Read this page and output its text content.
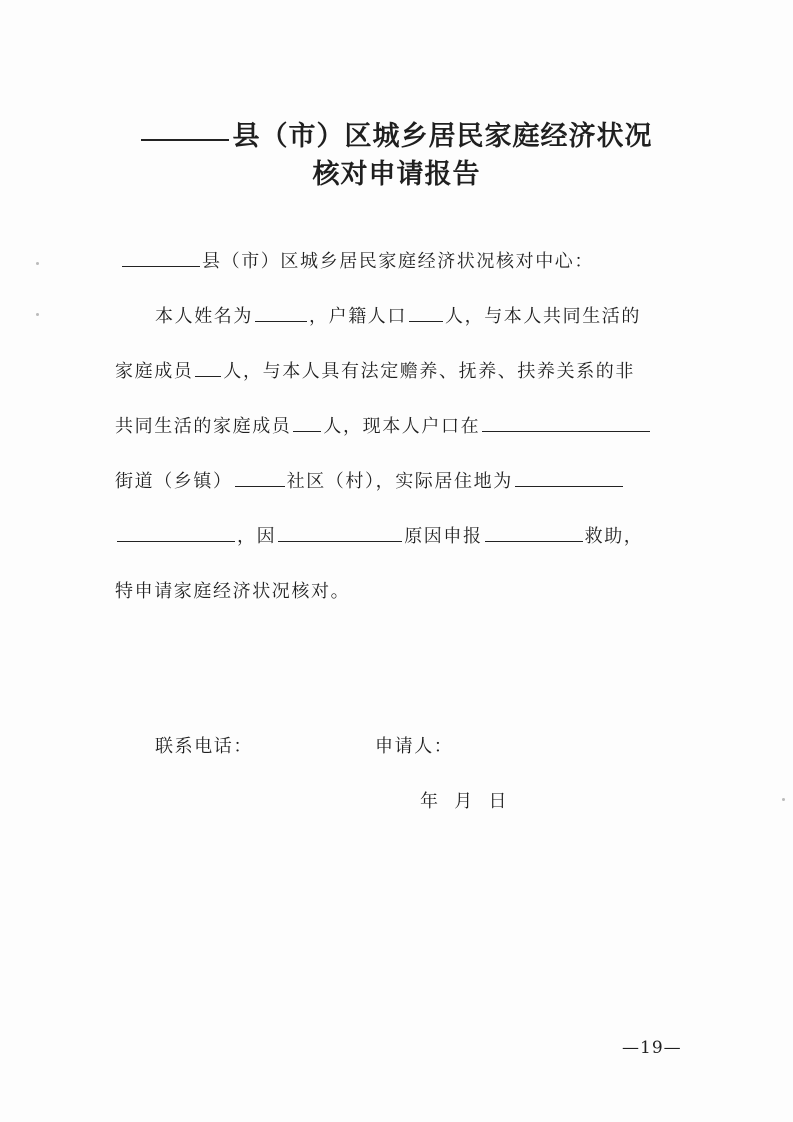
县（市）区城乡居民家庭经济状况
核对申请报告
县（市）区城乡居民家庭经济状况核对中心：
本人姓名为	，户籍人口 人，与本人共同生活的
家庭成员 人，与本人具有法定赡养、抚养、扶养关系的非
共同生活的家庭成员 人，现本人户口在
街道（乡镇）	社区（村），实际居住地为
，因	原因申报	救助，
特申请家庭经济状况核对。
联系电话：	申请人：
年  月  日
—19—
